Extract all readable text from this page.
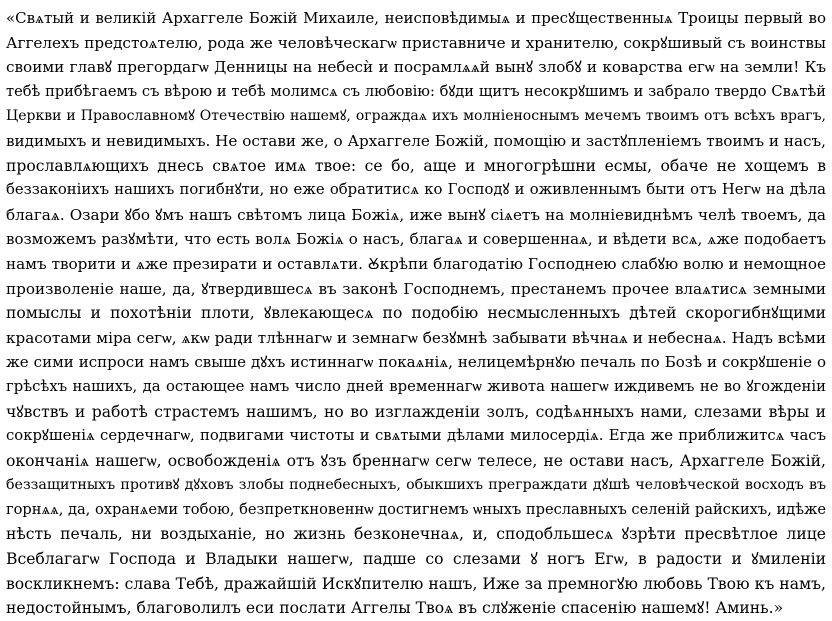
«Свѧтый и великій Архаггеле Божій Михаиле, неисповѣдимыѧ и пресꙋщественныѧ Троицы первый во
Аггелехъ предстоѧтелю, рода же человѣческагѡ приставниче и хранителю, сокрꙋшивый съ воинствы
своими главꙋ прегордагѡ Денницы на небесѝ и посрамлѧѧй вынꙋ злобꙋ и коварства егѡ на земли! Къ
тебѣ прибѣгаемъ съ вѣрою и тебѣ молимсѧ съ любовію: бꙋди щитъ несокрꙋшимъ и забрало твердо Свѧтѣй
Церкви и Православномꙋ Отечествію нашемꙋ, ограждаѧ ихъ молніеноснымъ мечемъ твоимъ отъ всѣхъ врагъ,
видимыхъ и невидимыхъ. Не остави же, о Архаггеле Божій, помощію и застꙋпленіемъ твоимъ и насъ,
прославлѧющихъ днесь свѧтое имѧ твое: се бо, аще и многогрѣшни есмы, обаче не хощемъ в
беззаконіихъ нашихъ погибнꙋти, но еже обратитисѧ ко Господꙋ и оживленнымъ быти отъ Негѡ на дѣла
благаѧ. Озари ꙋбо ꙋмъ нашъ свѣтомъ лица Божіѧ, иже вынꙋ сіѧетъ на молніевиднѣмъ челѣ твоемъ, да
возможемъ разꙋмѣти, что есть волѧ Божіѧ о насъ, благаѧ и совершеннаѧ, и вѣдети всѧ, ѧже подобаетъ
намъ творити и ѧже презирати и оставлѧти. Ꙋкрѣпи благодатію Господнею слабꙋю волю и немощное
произволеніе наше, да, ꙋтвердившесѧ въ законѣ Господнемъ, престанемъ прочее влаѧтисѧ земными
помыслы и похотѣніи плоти, ꙋвлекающесѧ по подобію несмысленныхъ дѣтей скорогибнꙋщими
красотами міра сегѡ, ѧкѡ ради тлѣннагѡ и земнагѡ безꙋмнѣ забывати вѣчнаѧ и небеснаѧ. Надъ всѣми
же сими испроси намъ свыше дꙋхъ истиннагѡ покаѧніѧ, нелицемѣрнꙋю печаль по Бозѣ и сокрꙋшеніе о
грѣсѣхъ нашихъ, да остающее намъ число дней временнагѡ живота нашегѡ иждивемъ не во ꙋгожденіи
чꙋвствъ и работѣ страстемъ нашимъ, но во изглажденіи золъ, содѣѧнныхъ нами, слезами вѣры и
сокрꙋшеніѧ сердечнагѡ, подвигами чистоты и свѧтыми дѣлами милосердіѧ. Егда же приближитсѧ часъ
окончаніѧ нашегѡ, освобожденіѧ отъ ꙋзъ бреннагѡ сегѡ телесе, не остави насъ, Архаггеле Божій,
беззащитныхъ противꙋ дꙋховъ злобы поднебесныхъ, обыкшихъ преграждати дꙋшѣ человѣческой восходъ въ
горнѧѧ, да, охранѧеми тобою, безпреткновеннѡ достигнемъ ѡныхъ преславныхъ селеній райскихъ, идѣже
нѣсть печаль, ни воздыханіе, но жизнь безконечнаѧ, и, сподобльшесѧ ꙋзрѣти пресвѣтлое лице
Всеблагагѡ Господа и Владыки нашегѡ, падше со слезами ꙋ ногъ Егѡ, в радости и ꙋмиленіи
воскликнемъ: слава Тебѣ, дражайшій Искꙋпителю нашъ, Иже за премногꙋю любовь Твою къ намъ,
недостойнымъ, благоволилъ еси послати Аггелы Твоѧ въ слꙋженіе спасенію нашемꙋ! Аминь.»
